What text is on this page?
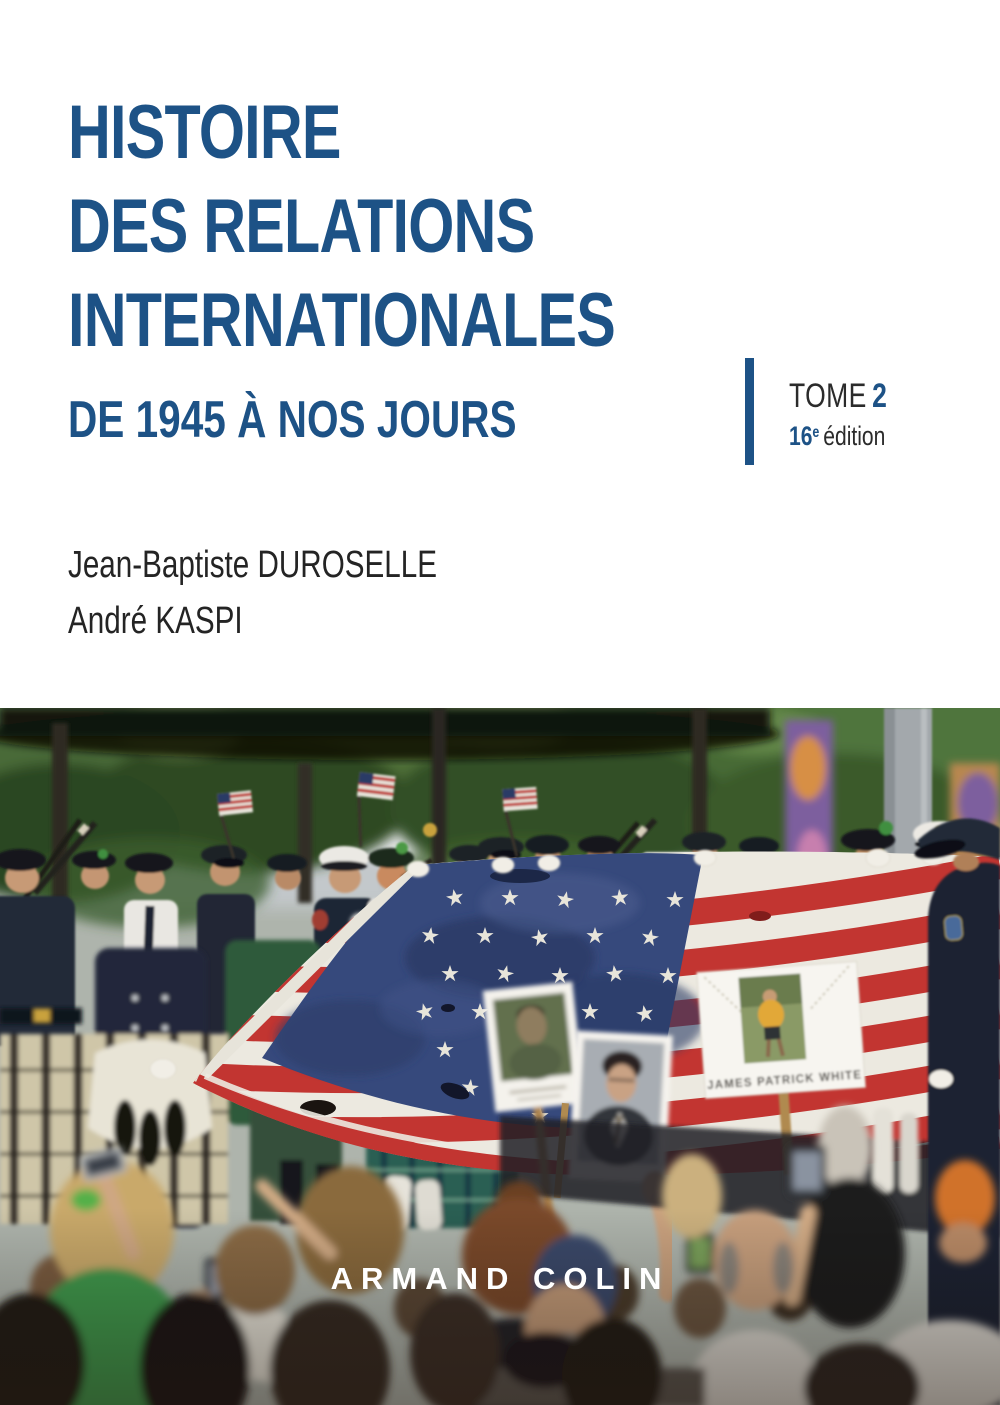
HISTOIRE
DES RELATIONS
INTERNATIONALES
DE 1945 À NOS JOURS	TOME 2
16e édition
Jean-Baptiste DUROSELLE
André KASPI
JAMES PATRICK WHITE
ARMAND COLIN
